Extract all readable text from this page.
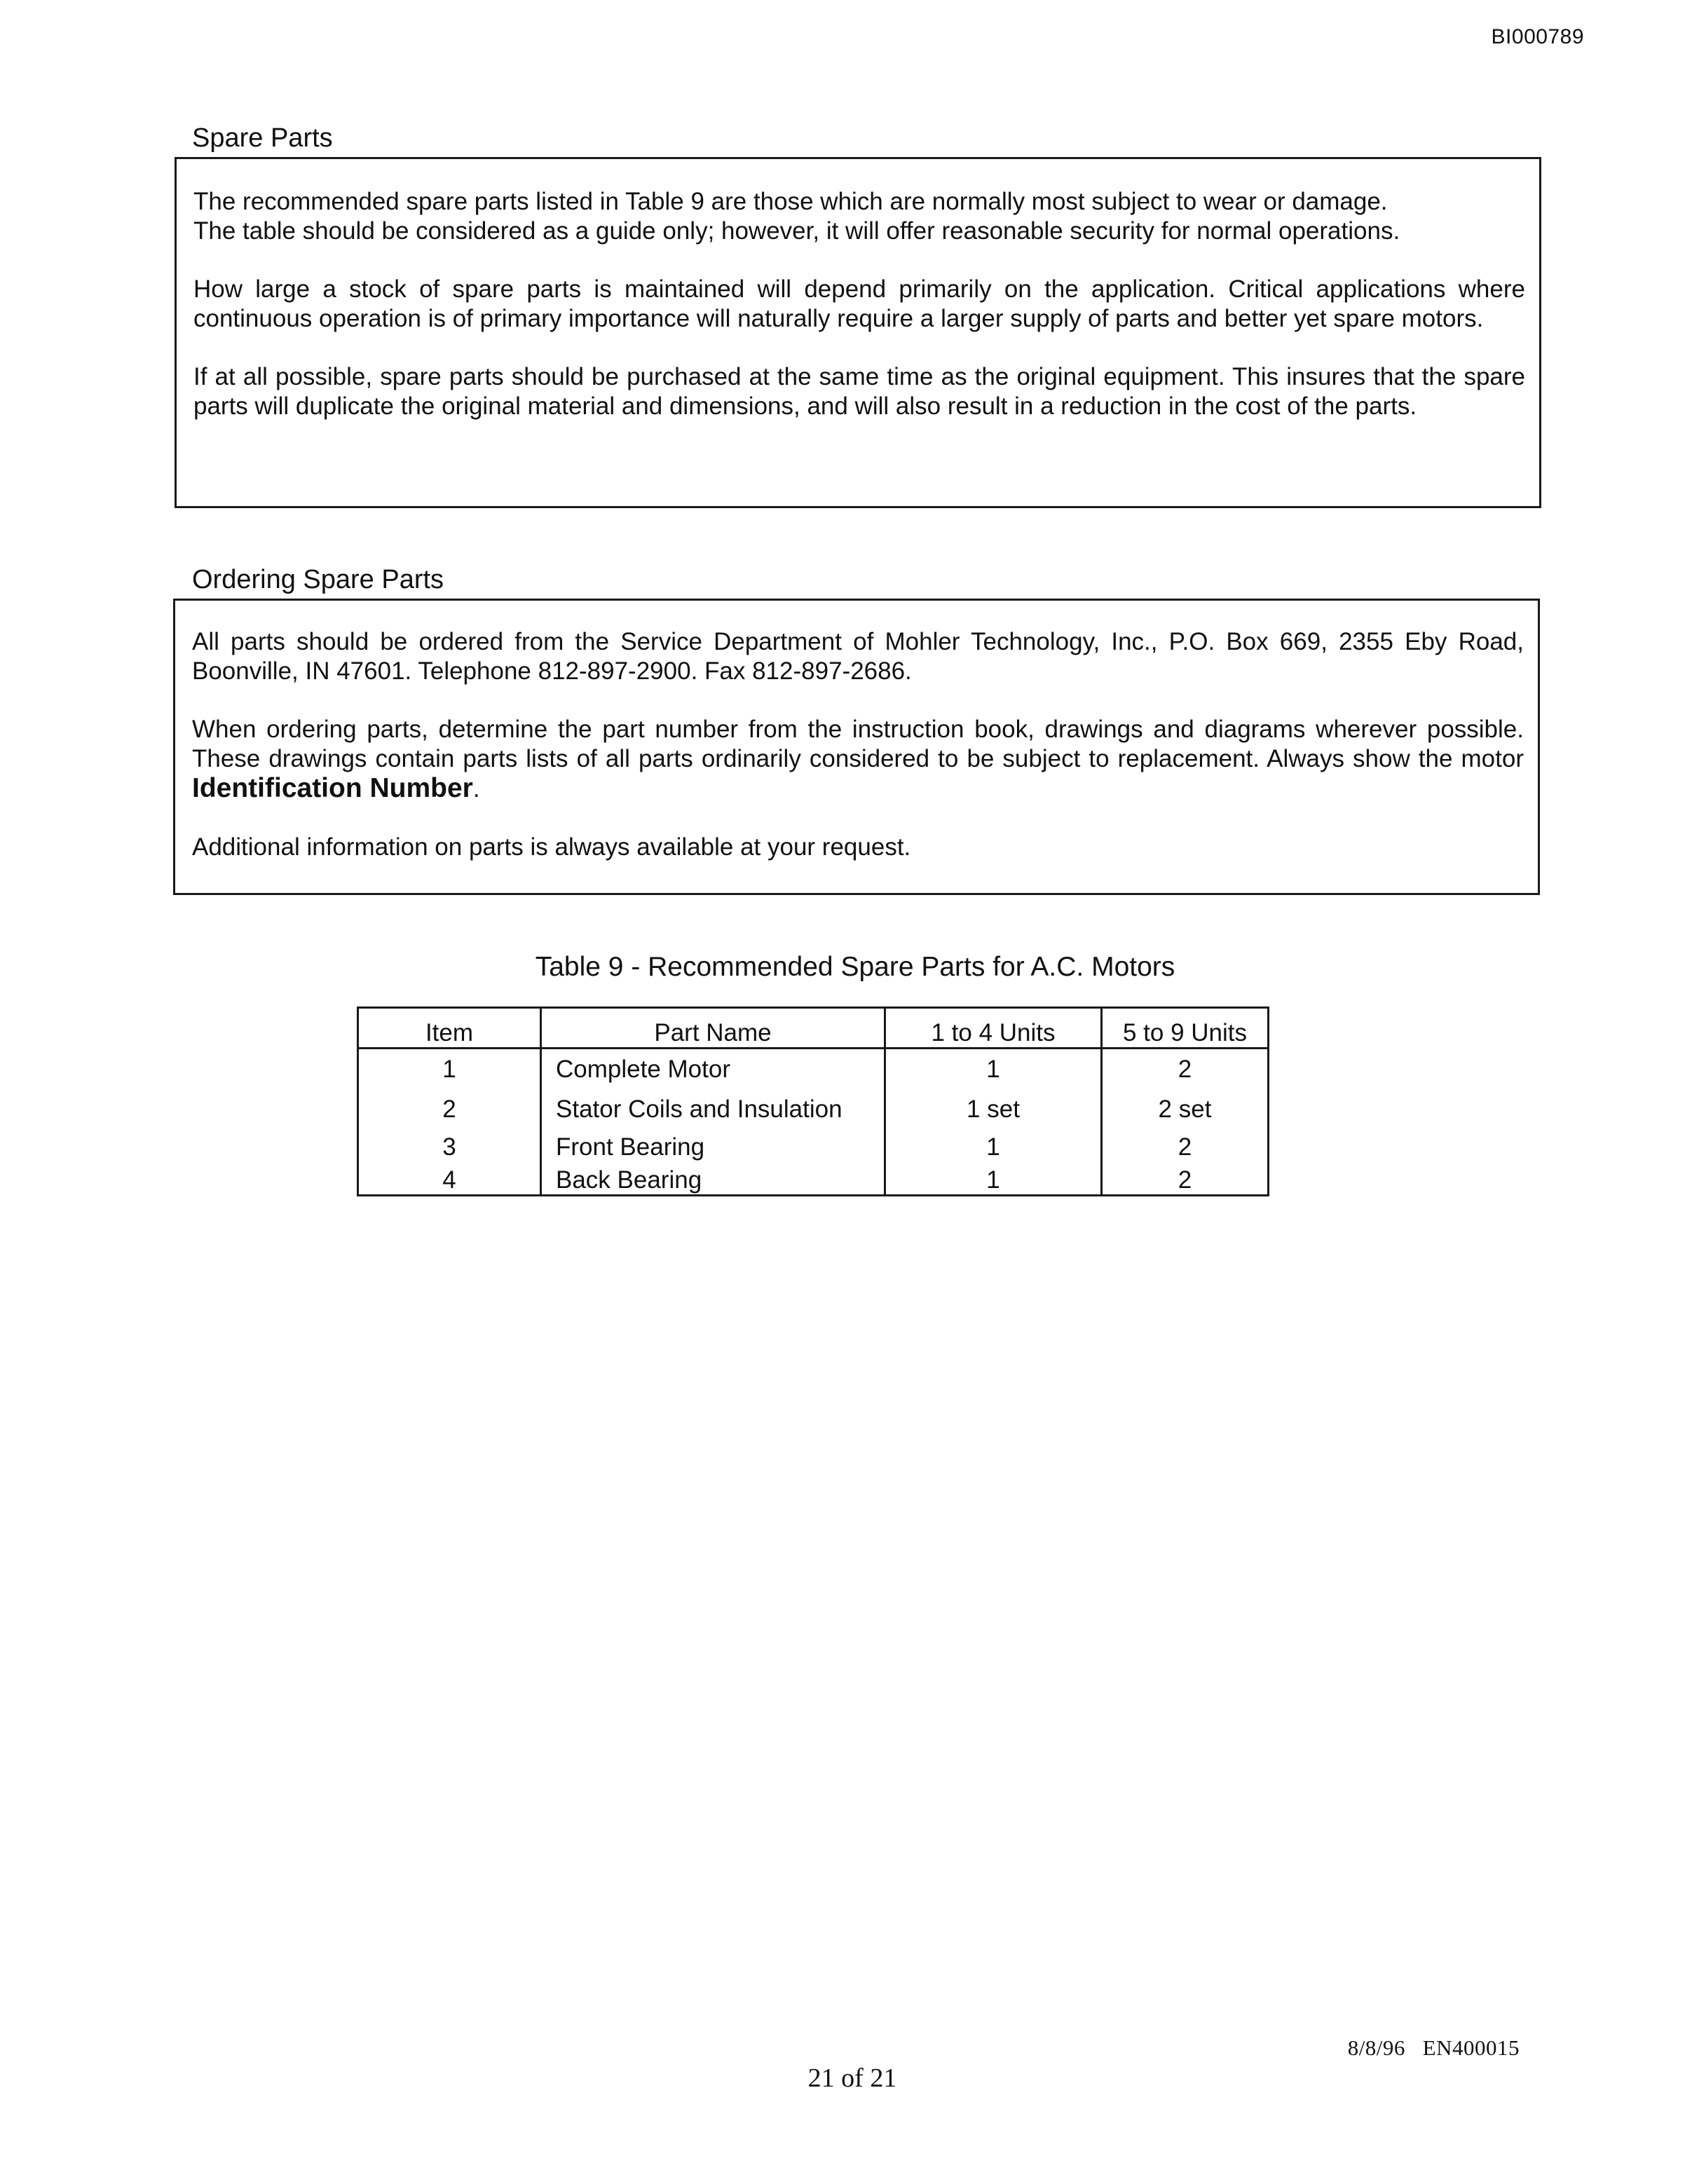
BI000789
Spare Parts

The recommended spare parts listed in Table 9 are those which are normally most subject to wear or damage.

The table should be considered as a guide only; however, it will offer reasonable security for normal operations.

How large a stock of spare parts is maintained will depend primarily on the application. Critical applications where continuous operation is of primary importance will naturally require a larger supply of parts and better yet spare motors.

If at all possible, spare parts should be purchased at the same time as the original equipment. This insures that the spare parts will duplicate the original material and dimensions, and will also result in a reduction in the cost of the parts.

Ordering Spare Parts

All parts should be ordered from the Service Department of Mohler Technology, Inc., P.O. Box 669, 2355 Eby Road, Boonville, IN 47601. Telephone 812-897-2900. Fax 812-897-2686.

When ordering parts, determine the part number from the instruction book, drawings and diagrams wherever possible. These drawings contain parts lists of all parts ordinarily considered to be subject to replacement. Always show the motor Identification Number.

Additional information on parts is always available at your request.

Table 9 - Recommended Spare Parts for A.C. Motors
Item	Part Name	1 to 4 Units	5 to 9 Units
1	Complete Motor	1	2
2	Stator Coils and Insulation	1 set	2 set
3	Front Bearing	1	2
4	Back Bearing	1	2
8/8/96   EN400015
21 of 21
